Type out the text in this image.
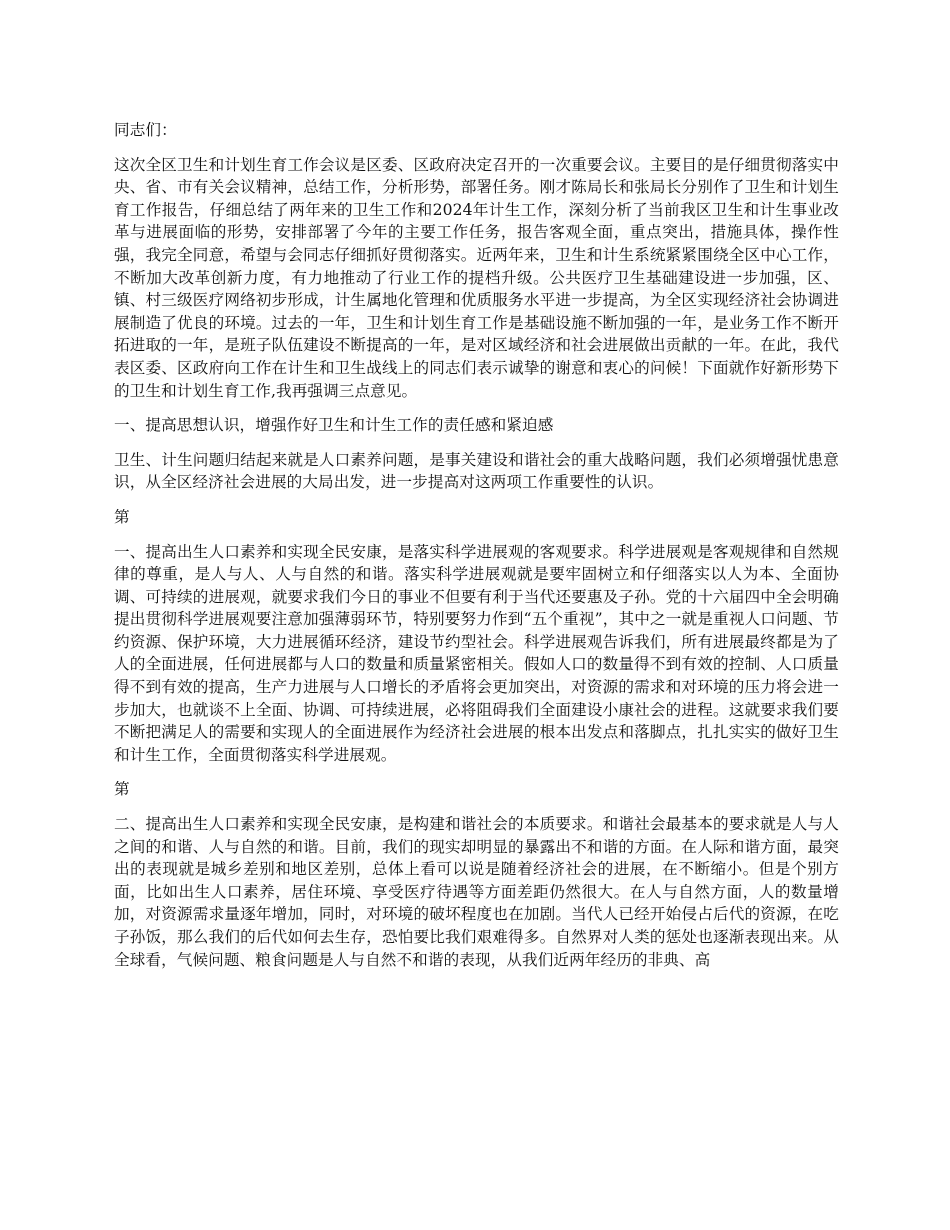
同志们：

这次全区卫生和计划生育工作会议是区委、区政府决定召开的一次重要会议。主要目的是仔细贯彻落实中央、省、市有关会议精神，总结工作，分析形势，部署任务。刚才陈局长和张局长分别作了卫生和计划生育工作报告，仔细总结了两年来的卫生工作和2024年计生工作，深刻分析了当前我区卫生和计生事业改革与进展面临的形势，安排部署了今年的主要工作任务，报告客观全面，重点突出，措施具体，操作性强，我完全同意，希望与会同志仔细抓好贯彻落实。近两年来，卫生和计生系统紧紧围绕全区中心工作，不断加大改革创新力度，有力地推动了行业工作的提档升级。公共医疗卫生基础建设进一步加强，区、镇、村三级医疗网络初步形成，计生属地化管理和优质服务水平进一步提高，为全区实现经济社会协调进展制造了优良的环境。过去的一年，卫生和计划生育工作是基础设施不断加强的一年，是业务工作不断开拓进取的一年，是班子队伍建设不断提高的一年，是对区域经济和社会进展做出贡献的一年。在此，我代表区委、区政府向工作在计生和卫生战线上的同志们表示诚挚的谢意和衷心的问候！下面就作好新形势下的卫生和计划生育工作,我再强调三点意见。

一、提高思想认识，增强作好卫生和计生工作的责任感和紧迫感

卫生、计生问题归结起来就是人口素养问题，是事关建设和谐社会的重大战略问题，我们必须增强忧患意识，从全区经济社会进展的大局出发，进一步提高对这两项工作重要性的认识。

第

一、提高出生人口素养和实现全民安康，是落实科学进展观的客观要求。科学进展观是客观规律和自然规律的尊重，是人与人、人与自然的和谐。落实科学进展观就是要牢固树立和仔细落实以人为本、全面协调、可持续的进展观，就要求我们今日的事业不但要有利于当代还要惠及子孙。党的十六届四中全会明确提出贯彻科学进展观要注意加强薄弱环节，特别要努力作到“五个重视”，其中之一就是重视人口问题、节约资源、保护环境，大力进展循环经济，建设节约型社会。科学进展观告诉我们，所有进展最终都是为了人的全面进展，任何进展都与人口的数量和质量紧密相关。假如人口的数量得不到有效的控制、人口质量得不到有效的提高，生产力进展与人口增长的矛盾将会更加突出，对资源的需求和对环境的压力将会进一步加大，也就谈不上全面、协调、可持续进展，必将阻碍我们全面建设小康社会的进程。这就要求我们要不断把满足人的需要和实现人的全面进展作为经济社会进展的根本出发点和落脚点，扎扎实实的做好卫生和计生工作，全面贯彻落实科学进展观。

第

二、提高出生人口素养和实现全民安康，是构建和谐社会的本质要求。和谐社会最基本的要求就是人与人之间的和谐、人与自然的和谐。目前，我们的现实却明显的暴露出不和谐的方面。在人际和谐方面，最突出的表现就是城乡差别和地区差别，总体上看可以说是随着经济社会的进展，在不断缩小。但是个别方面，比如出生人口素养，居住环境、享受医疗待遇等方面差距仍然很大。在人与自然方面，人的数量增加，对资源需求量逐年增加，同时，对环境的破坏程度也在加剧。当代人已经开始侵占后代的资源，在吃子孙饭，那么我们的后代如何去生存，恐怕要比我们艰难得多。自然界对人类的惩处也逐渐表现出来。从全球看，气候问题、粮食问题是人与自然不和谐的表现，从我们近两年经历的非典、高
